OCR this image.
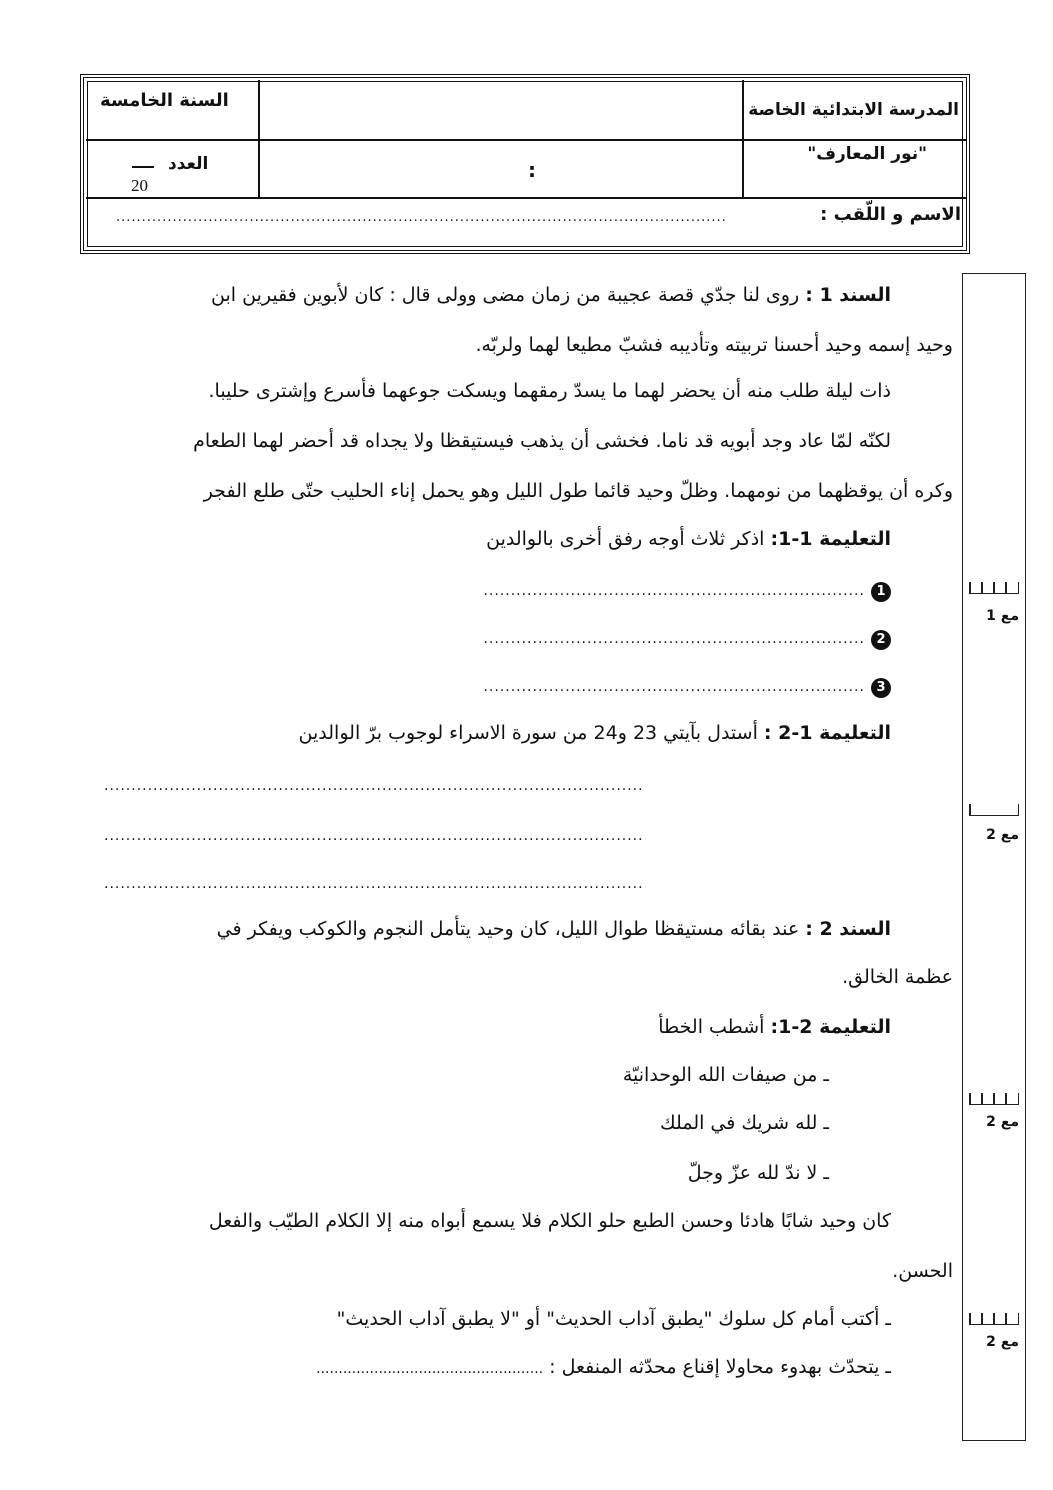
المدرسة الابتدائية الخاصة
"نور المعارف"
السنة الخامسة
العدد
20
:
الاسم و اللّقب :
.......................................................................................................................
مع 1
مع 2
مع 2
مع 2
السند 1 : روى لنا جدّي قصة عجيبة من زمان مضى وولى قال : كان لأبوين فقيرين ابن
وحيد إسمه وحيد أحسنا تربيته وتأديبه فشبّ مطيعا لهما ولربّه.
ذات ليلة طلب منه أن يحضر لهما ما يسدّ رمقهما ويسكت جوعهما فأسرع وإشترى حليبا.
لكنّه لمّا عاد وجد أبويه قد ناما. فخشى أن يذهب فيستيقظا ولا يجداه قد أحضر لهما الطعام
وكره أن يوقظهما من نومهما. وظلّ وحيد قائما طول الليل وهو يحمل إناء الحليب حتّى طلع الفجر
التعليمة 1-1: اذكر ثلاث أوجه رفق أخرى بالوالدين
1 ......................................................................
2 ......................................................................
3 ......................................................................
التعليمة 1-2 : أستدل بآيتي 23 و24 من سورة الاسراء لوجوب برّ الوالدين
...................................................................................................
...................................................................................................
...................................................................................................
السند 2 : عند بقائه مستيقظا طوال الليل، كان وحيد يتأمل النجوم والكوكب ويفكر في
عظمة الخالق.
التعليمة 2-1: أشطب الخطأ
ـ من صيفات الله الوحدانيّة
ـ لله شريك في الملك
ـ لا ندّ لله عزّ وجلّ
كان وحيد شابًا هادئا وحسن الطبع حلو الكلام فلا يسمع أبواه منه إلا الكلام الطيّب والفعل
الحسن.
ـ أكتب أمام كل سلوك "يطبق آداب الحديث" أو "لا يطبق آداب الحديث"
ـ يتحدّث بهدوء محاولا إقناع محدّثه المنفعل : ...................................................
